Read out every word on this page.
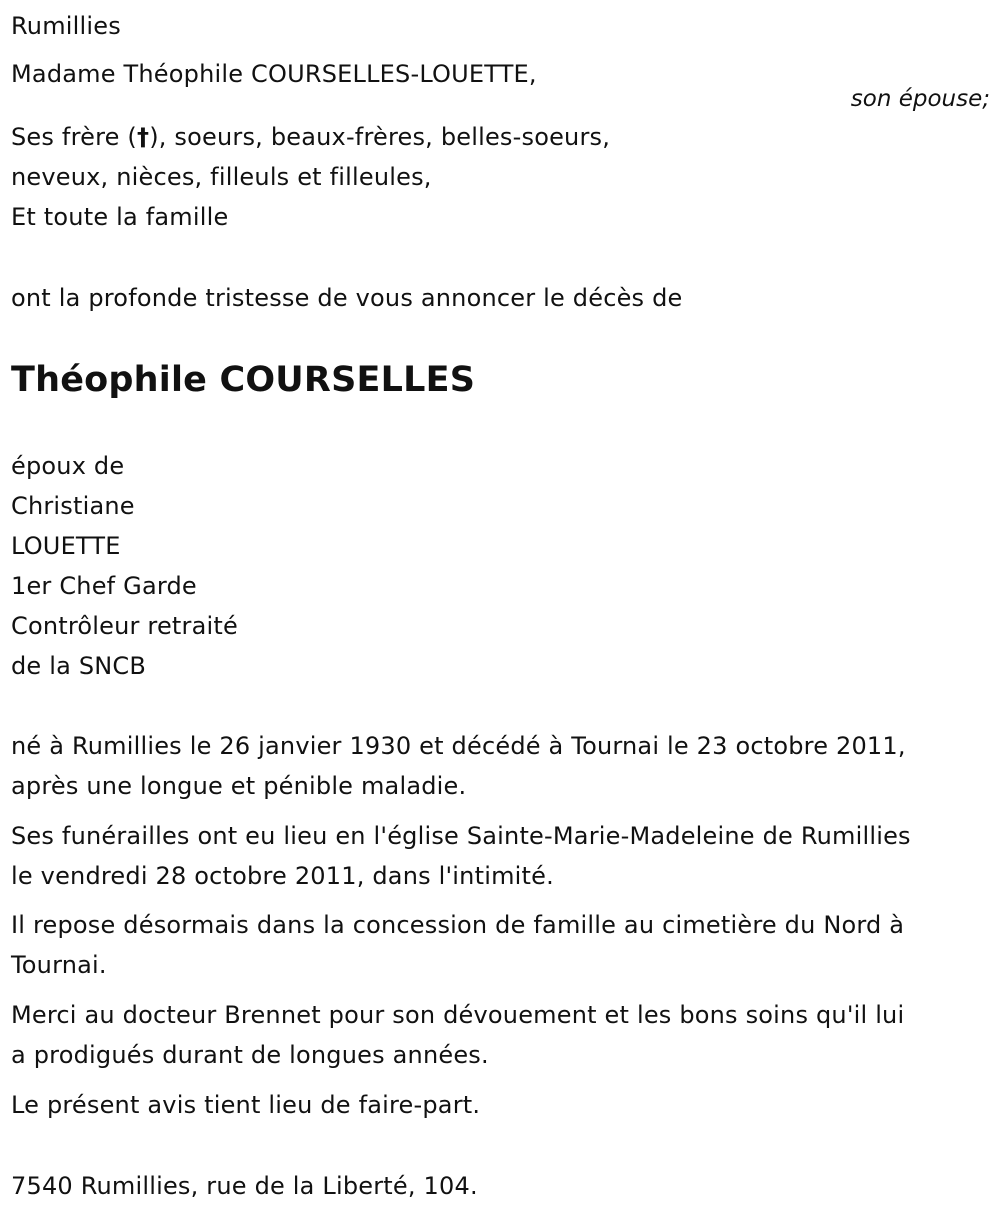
Rumillies
Madame Théophile COURSELLES-LOUETTE,
son épouse;
Ses frère (†), soeurs, beaux-frères, belles-soeurs,
neveux, nièces, filleuls et filleules,
Et toute la famille
ont la profonde tristesse de vous annoncer le décès de
Théophile COURSELLES
époux de
Christiane
LOUETTE
1er Chef Garde
Contrôleur retraité
de la SNCB
né à Rumillies le 26 janvier 1930 et décédé à Tournai le 23 octobre 2011,
après une longue et pénible maladie.
Ses funérailles ont eu lieu en l'église Sainte-Marie-Madeleine de Rumillies
le vendredi 28 octobre 2011, dans l'intimité.
Il repose désormais dans la concession de famille au cimetière du Nord à
Tournai.
Merci au docteur Brennet pour son dévouement et les bons soins qu'il lui
a prodigués durant de longues années.
Le présent avis tient lieu de faire-part.
7540 Rumillies, rue de la Liberté, 104.
